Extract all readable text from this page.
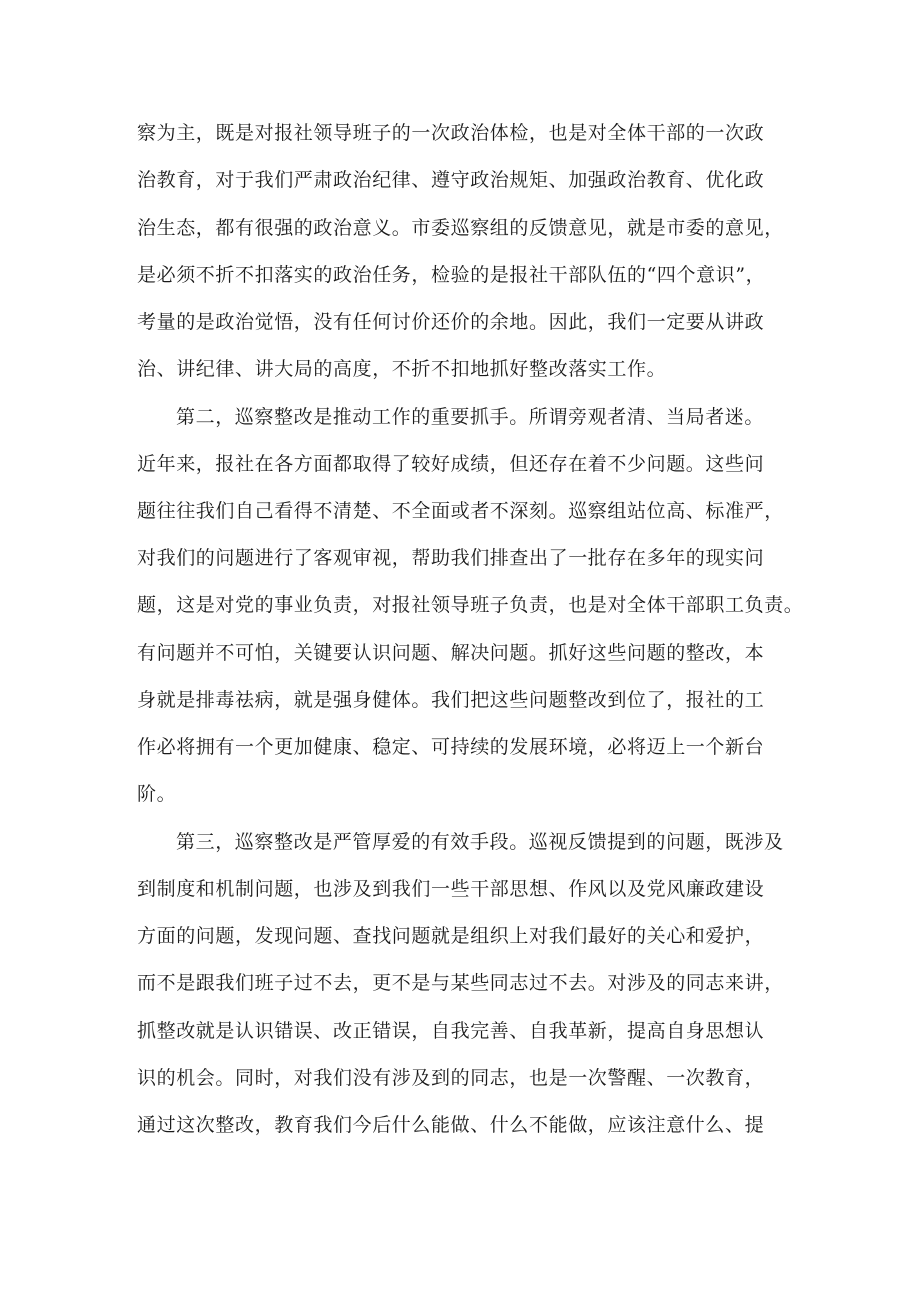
察为主，既是对报社领导班子的一次政治体检，也是对全体干部的一次政
治教育，对于我们严肃政治纪律、遵守政治规矩、加强政治教育、优化政
治生态，都有很强的政治意义。市委巡察组的反馈意见，就是市委的意见，
是必须不折不扣落实的政治任务，检验的是报社干部队伍的“四个意识”，
考量的是政治觉悟，没有任何讨价还价的余地。因此，我们一定要从讲政
治、讲纪律、讲大局的高度，不折不扣地抓好整改落实工作。
第二，巡察整改是推动工作的重要抓手。所谓旁观者清、当局者迷。
近年来，报社在各方面都取得了较好成绩，但还存在着不少问题。这些问
题往往我们自己看得不清楚、不全面或者不深刻。巡察组站位高、标准严，
对我们的问题进行了客观审视，帮助我们排查出了一批存在多年的现实问
题，这是对党的事业负责，对报社领导班子负责，也是对全体干部职工负责。
有问题并不可怕，关键要认识问题、解决问题。抓好这些问题的整改，本
身就是排毒祛病，就是强身健体。我们把这些问题整改到位了，报社的工
作必将拥有一个更加健康、稳定、可持续的发展环境，必将迈上一个新台
阶。
第三，巡察整改是严管厚爱的有效手段。巡视反馈提到的问题，既涉及
到制度和机制问题，也涉及到我们一些干部思想、作风以及党风廉政建设
方面的问题，发现问题、查找问题就是组织上对我们最好的关心和爱护，
而不是跟我们班子过不去，更不是与某些同志过不去。对涉及的同志来讲，
抓整改就是认识错误、改正错误，自我完善、自我革新，提高自身思想认
识的机会。同时，对我们没有涉及到的同志，也是一次警醒、一次教育，
通过这次整改，教育我们今后什么能做、什么不能做，应该注意什么、提
